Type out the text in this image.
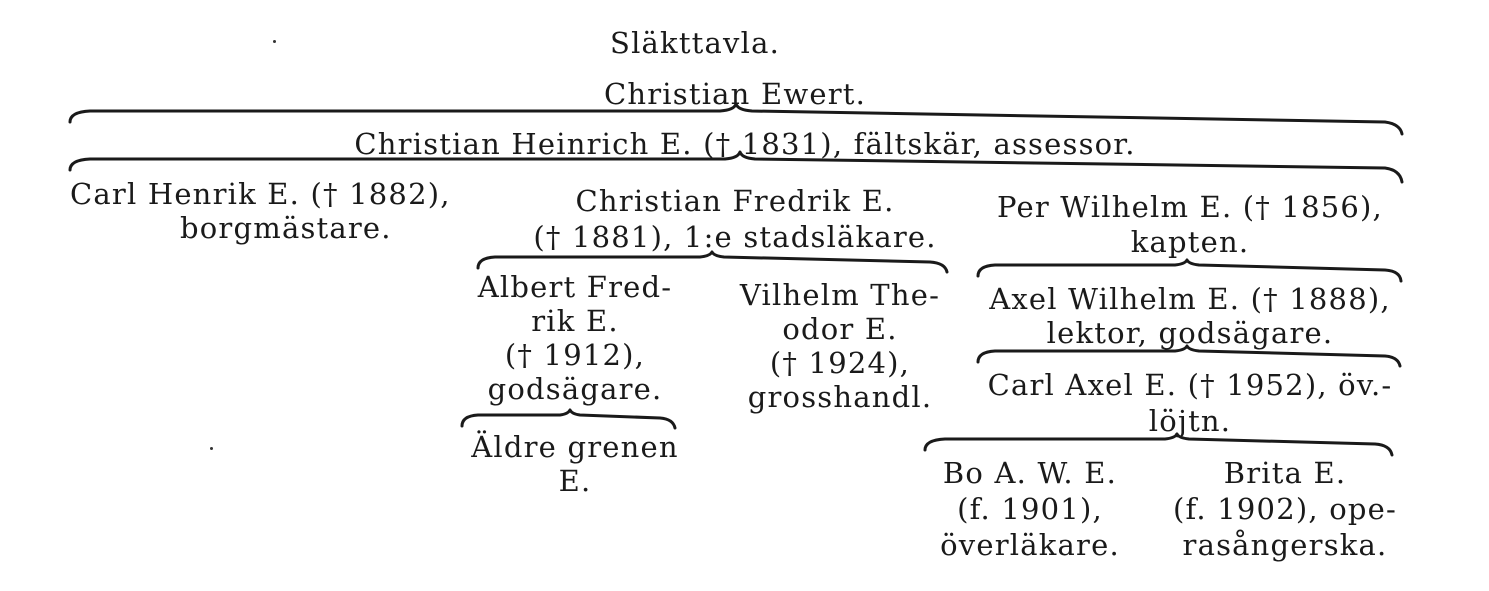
Släkttavla.
Christian Ewert.
Christian Heinrich E. († 1831), fältskär, assessor.
Carl Henrik E. († 1882),
borgmästare.
Christian Fredrik E.
(† 1881), 1:e stadsläkare.
Per Wilhelm E. († 1856),
kapten.
Albert Fred-
rik E.
(† 1912),
godsägare.
Äldre grenen
E.
Vilhelm The-
odor E.
(† 1924),
grosshandl.
Axel Wilhelm E. († 1888),
lektor, godsägare.
Carl Axel E. († 1952), öv.-
löjtn.
Bo A. W. E.
(f. 1901),
överläkare.
Brita E.
(f. 1902), ope-
rasångerska.
